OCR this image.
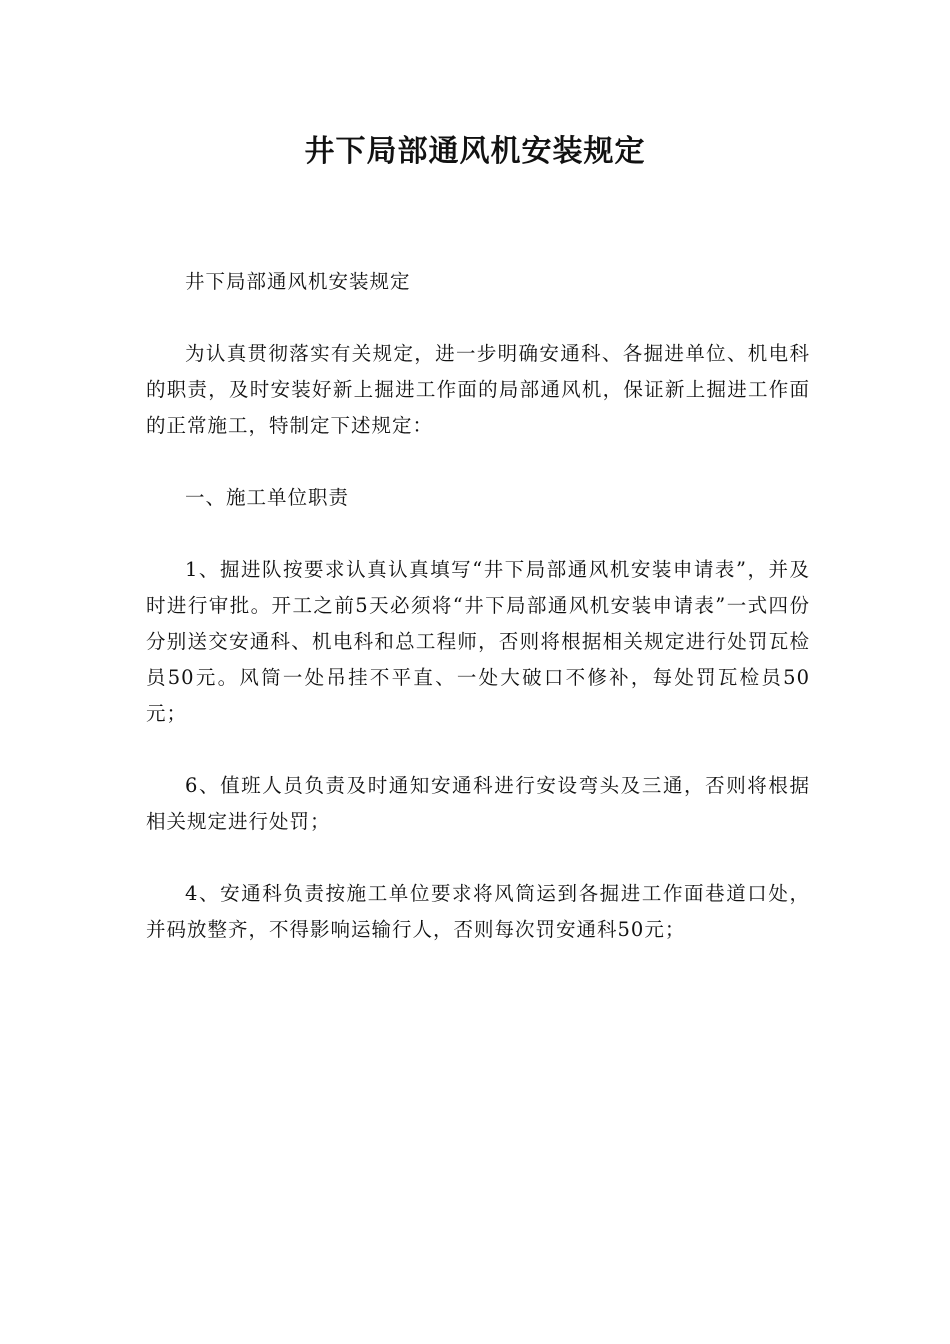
井下局部通风机安装规定

井下局部通风机安装规定

为认真贯彻落实有关规定，进一步明确安通科、各掘进单位、机电科的职责，及时安装好新上掘进工作面的局部通风机，保证新上掘进工作面的正常施工，特制定下述规定：

一、施工单位职责

1、掘进队按要求认真认真填写“井下局部通风机安装申请表”，并及时进行审批。开工之前5天必须将“井下局部通风机安装申请表”一式四份分别送交安通科、机电科和总工程师，否则将根据相关规定进行处罚瓦检员50元。风筒一处吊挂不平直、一处大破口不修补，每处罚瓦检员50元；

6、值班人员负责及时通知安通科进行安设弯头及三通，否则将根据相关规定进行处罚；

4、安通科负责按施工单位要求将风筒运到各掘进工作面巷道口处，并码放整齐，不得影响运输行人，否则每次罚安通科50元；
